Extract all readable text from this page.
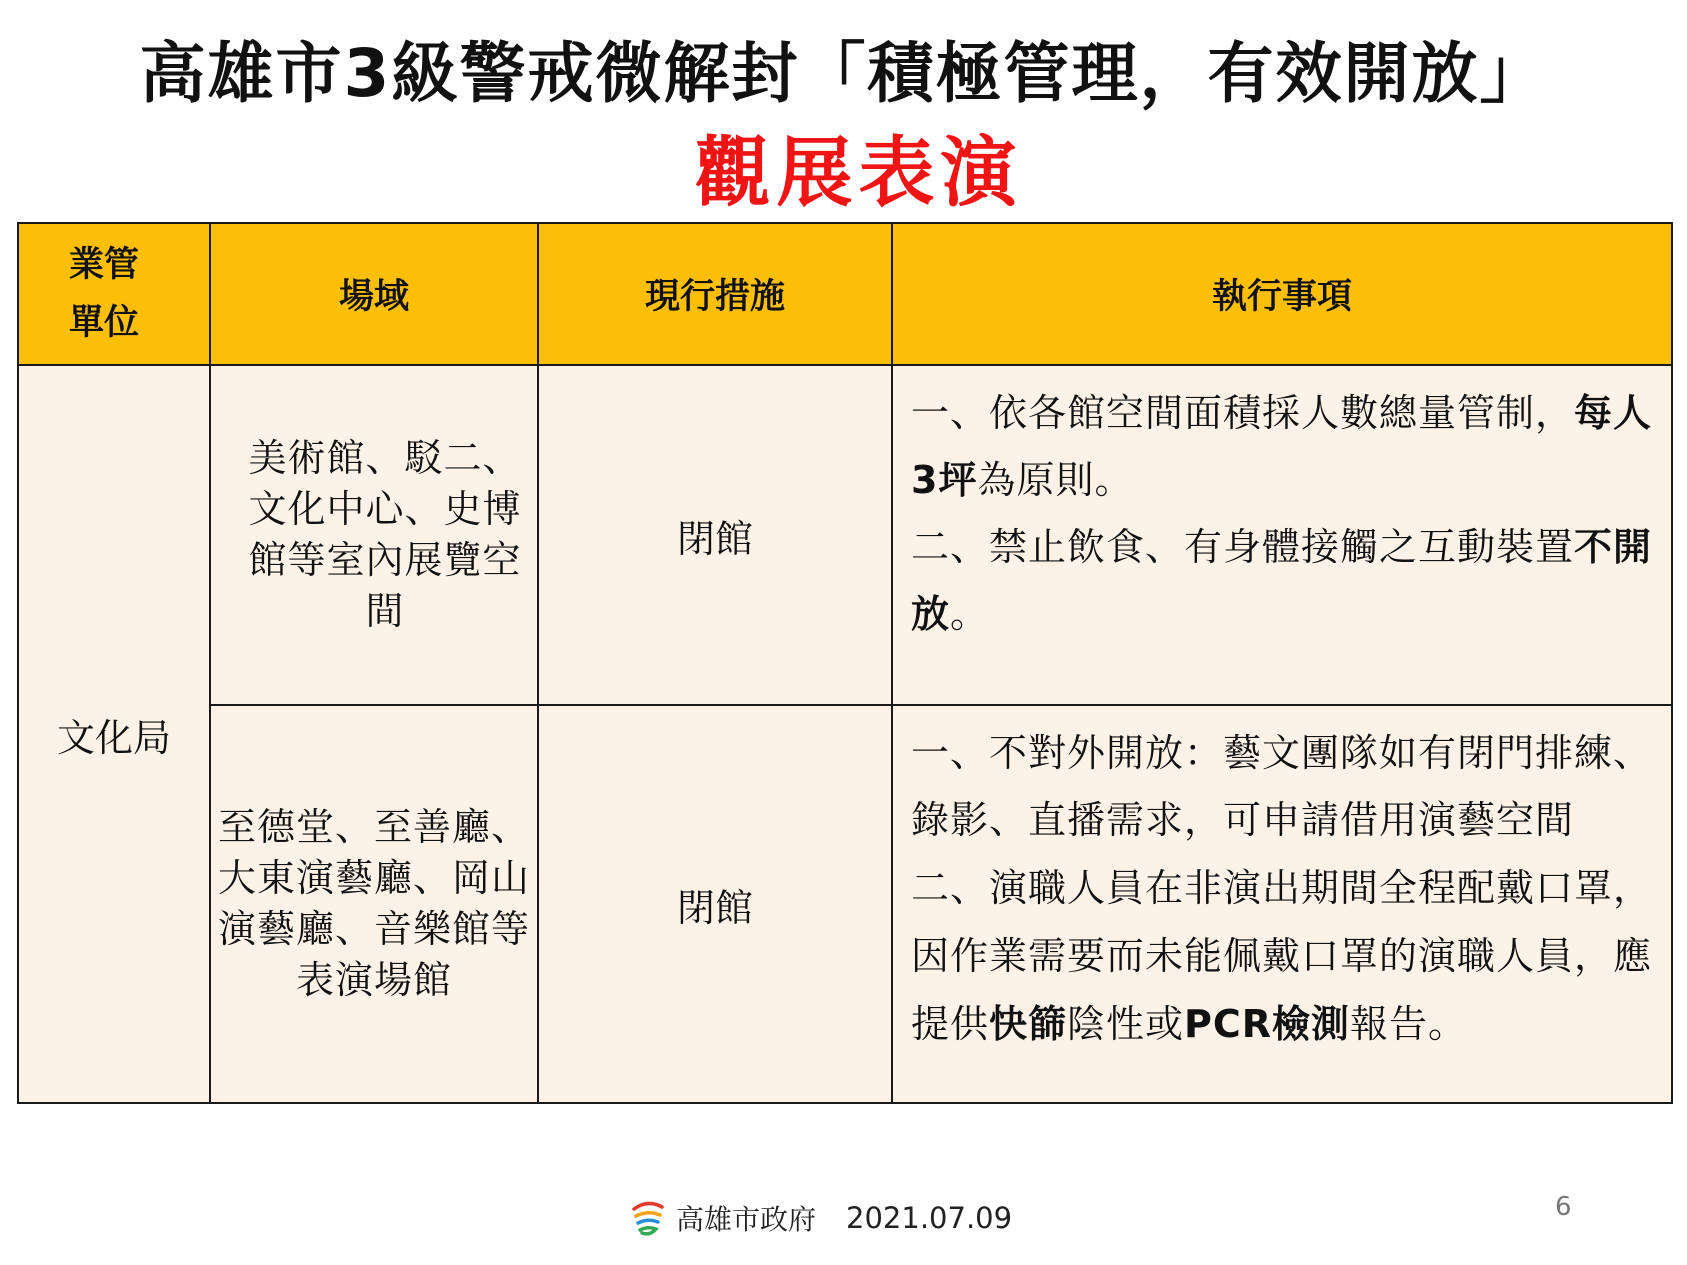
高雄市3級警戒微解封「積極管理，有效開放」
觀展表演
業管
單位	場域	現行措施	執行事項
文化局	美術館、駁二、文化中心、史博館等室內展覽空間	閉館	一、依各館空間面積採人數總量管制，每人3坪為原則。

二、禁止飲食、有身體接觸之互動裝置不開放。

	至德堂、至善廳、大東演藝廳、岡山演藝廳、音樂館等表演場館	閉館	一、不對外開放：藝文團隊如有閉門排練、錄影、直播需求，可申請借用演藝空間

二、演職人員在非演出期間全程配戴口罩，因作業需要而未能佩戴口罩的演職人員，應提供快篩陰性或PCR檢測報告。

高雄市政府 2021.07.09	6
